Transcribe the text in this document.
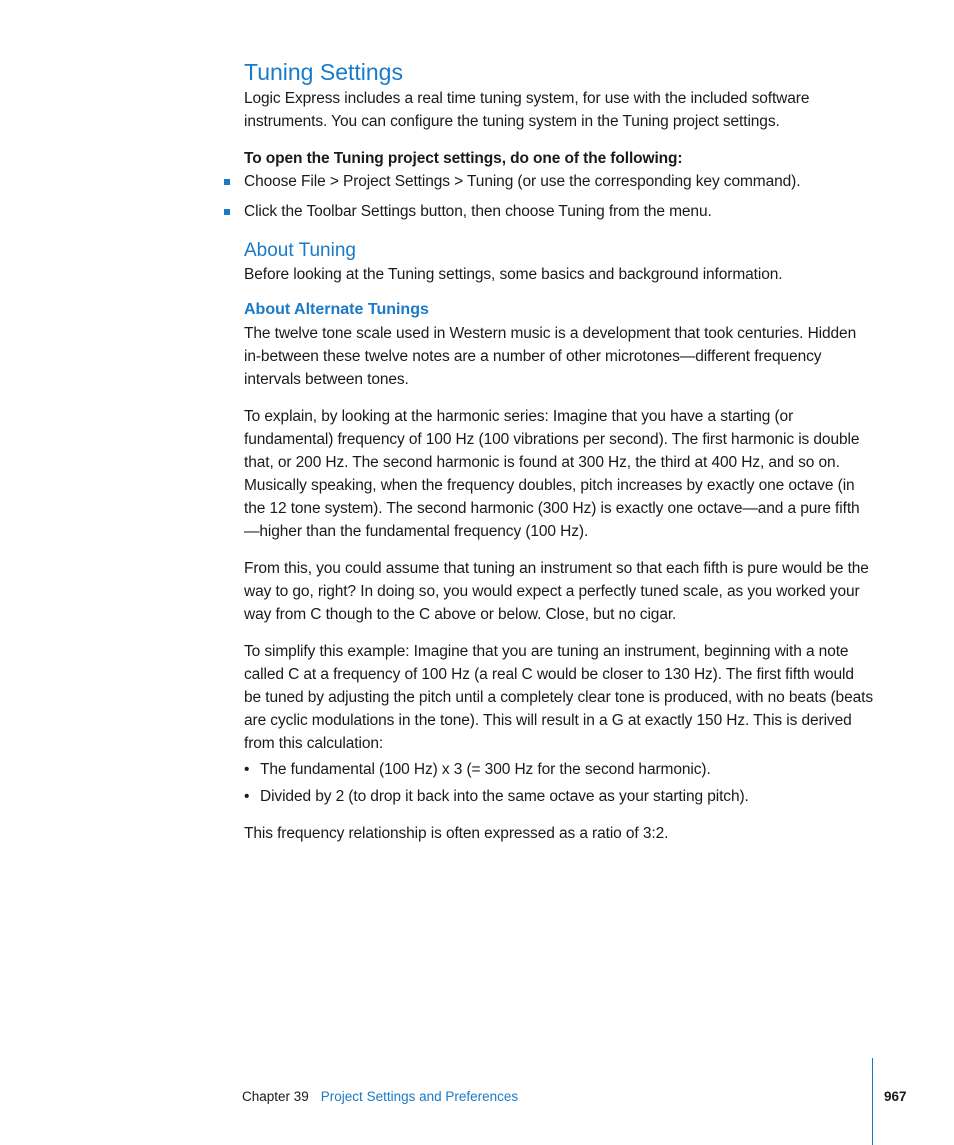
Tuning Settings

Logic Express includes a real time tuning system, for use with the included software instruments. You can configure the tuning system in the Tuning project settings.

To open the Tuning project settings, do one of the following:

Choose File > Project Settings > Tuning (or use the corresponding key command).
Click the Toolbar Settings button, then choose Tuning from the menu.
About Tuning

Before looking at the Tuning settings, some basics and background information.

About Alternate Tunings

The twelve tone scale used in Western music is a development that took centuries. Hidden in-between these twelve notes are a number of other microtones—different frequency intervals between tones.

To explain, by looking at the harmonic series: Imagine that you have a starting (or fundamental) frequency of 100 Hz (100 vibrations per second). The first harmonic is double that, or 200 Hz. The second harmonic is found at 300 Hz, the third at 400 Hz, and so on. Musically speaking, when the frequency doubles, pitch increases by exactly one octave (in the 12 tone system). The second harmonic (300 Hz) is exactly one octave—and a pure fifth—higher than the fundamental frequency (100 Hz).

From this, you could assume that tuning an instrument so that each fifth is pure would be the way to go, right? In doing so, you would expect a perfectly tuned scale, as you worked your way from C though to the C above or below. Close, but no cigar.

To simplify this example: Imagine that you are tuning an instrument, beginning with a note called C at a frequency of 100 Hz (a real C would be closer to 130 Hz). The first fifth would be tuned by adjusting the pitch until a completely clear tone is produced, with no beats (beats are cyclic modulations in the tone). This will result in a G at exactly 150 Hz. This is derived from this calculation:

• The fundamental (100 Hz) x 3 (= 300 Hz for the second harmonic).
• Divided by 2 (to drop it back into the same octave as your starting pitch).

This frequency relationship is often expressed as a ratio of 3:2.

Chapter 39 Project Settings and Preferences	967
